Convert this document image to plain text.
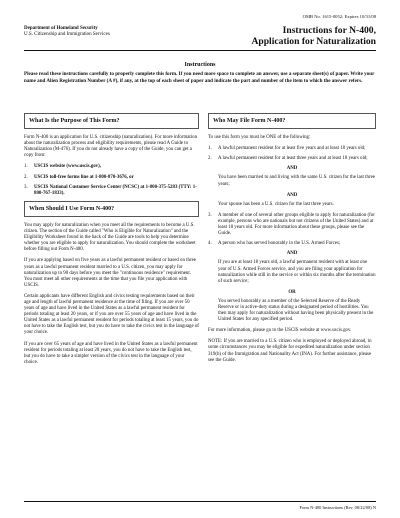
OMB No. 1615-0052; Expires 10/31/08
Department of Homeland Security
U.S. Citizenship and Immigration Services	Instructions for N-400,
Application for Naturalization
Instructions
Please read these instructions carefully to properly complete this form. If you need more space to complete an answer, use a separate sheet(s) of paper. Write your name and Alien Registration Number (A #), if any, at the top of each sheet of paper and indicate the part and number of the item to which the answer refers.
What Is the Purpose of This Form?

Form N-400 is an application for U.S. citizenship (naturalization). For more information about the naturalization process and eligibility requirements, please read A Guide to Naturalization (M-476). If you do not already have a copy of the Guide, you can get a copy from:

1.	USCIS website (www.uscis.gov),
2.	USCIS toll-free forms line at 1-800-870-3676, or
3.	USCIS National Customer Service Center (NCSC) at 1-800-375-5283 (TTY: 1-800-767-1833).
When Should I Use Form N-400?

You may apply for naturalization when you meet all the requirements to become a U.S. citizen. The section of the Guide called "Who is Eligible for Naturalization" and the Eligibility Worksheet found in the back of the Guide are tools to help you determine whether you are eligible to apply for naturalization. You should complete the worksheet before filling out Form N-400.

If you are applying based on five years as a lawful permanent resident or based on three years as a lawful permanent resident married to a U.S. citizen, you may apply for naturalization up to 90 days before you meet the "continuous residence" requirement. You must meet all other requirements at the time that you file your application with USCIS.

Certain applicants have different English and civics testing requirements based on their age and length of lawful permanent residence at the time of filing. If you are over 50 years of age and have lived in the United States as a lawful permanent resident for periods totaling at least 20 years, or if you are over 55 years of age and have lived in the United States as a lawful permanent resident for periods totaling at least 15 years, you do not have to take the English test, but you do have to take the civics test in the language of your choice.

If you are over 65 years of age and have lived in the United States as a lawful permanent resident for periods totaling at least 20 years, you do not have to take the English test, but you do have to take a simpler version of the civics test in the language of your choice.

Who May File Form N-400?

To use this form you must be ONE of the following:

1.	A lawful permanent resident for at least five years and at least 18 years old;
2.	A lawful permanent resident for at least three years and at least 18 years old;
AND

You have been married to and living with the same U.S. citizen for the last three years;

AND

Your spouse has been a U.S. citizen for the last three years.

3.	A member of one of several other groups eligible to apply for naturalization (for example, persons who are nationals but not citizens of the United States) and at least 18 years old. For more information about these groups, please see the Guide.
4.	A person who has served honorably in the U.S. Armed Forces;
AND

If you are at least 18 years old, a lawful permanent resident with at least one year of U.S. Armed Forces service, and you are filing your application for naturalization while still in the service or within six months after the termination of such service;

OR

You served honorably as a member of the Selected Reserve of the Ready Reserve or in active-duty status during a designated period of hostilities. You then may apply for naturalization without having been physically present in the United States for any specified period.

For more information, please go to the USCIS website at www.uscis.gov.

NOTE: If you are married to a U.S. citizen who is employed or deployed abroad, in some circumstances you may be eligible for expedited naturalization under section 319(b) of the Immigration and Nationality Act (INA). For further assistance, please see the Guide.

Form N-400 Instructions (Rev. 08/22/08) N
